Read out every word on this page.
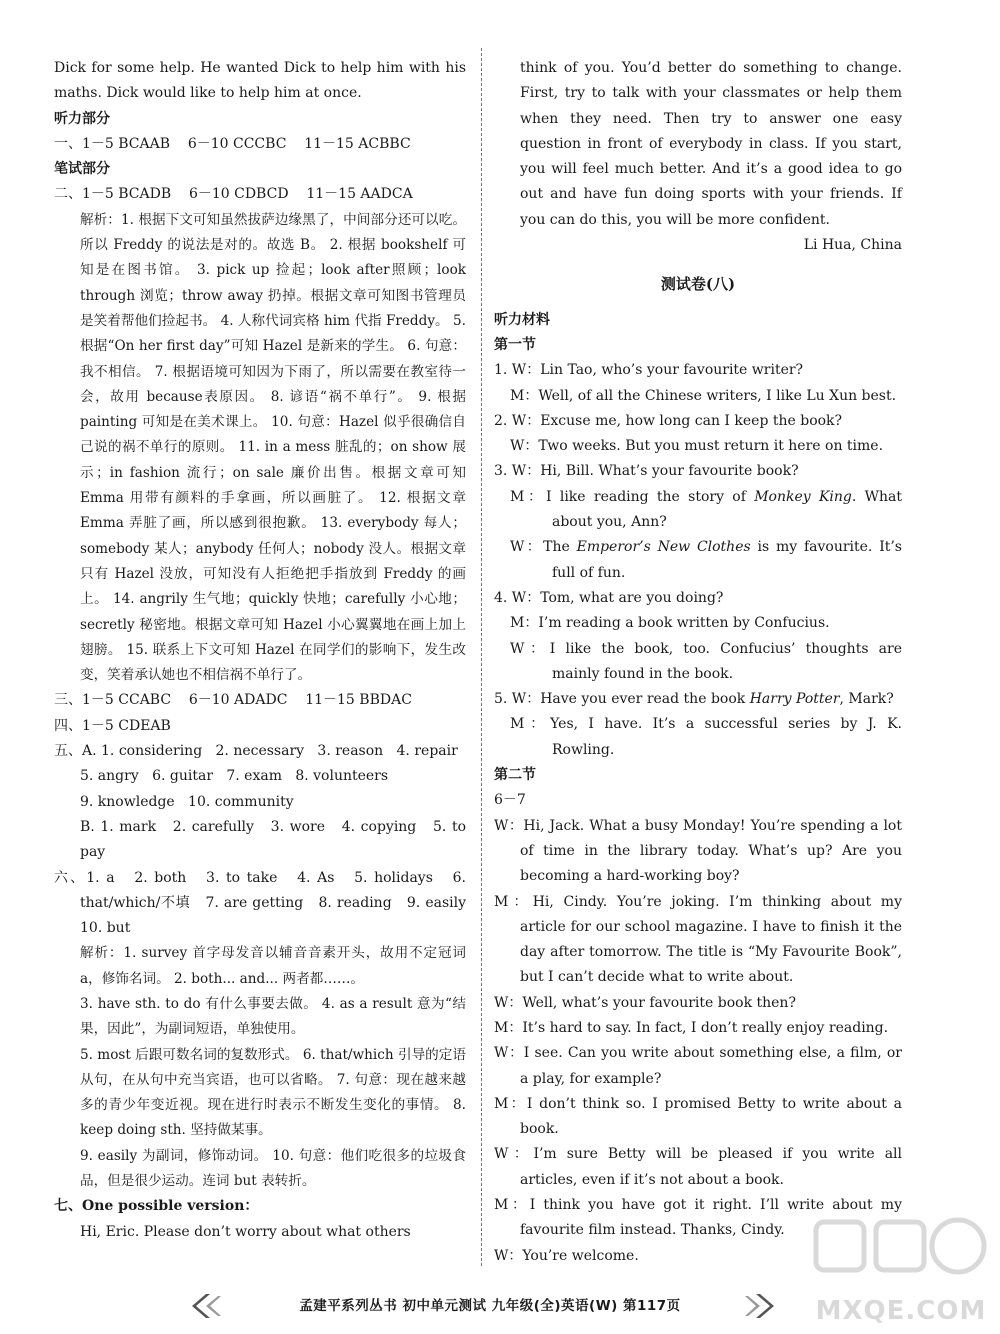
Dick for some help. He wanted Dick to help him with his maths. Dick would like to help him at once.

听力部分

一、1－5 BCAAB    6－10 CCCBC    11－15 ACBBC

笔试部分

二、1－5 BCADB    6－10 CDBCD    11－15 AADCA

解析：1. 根据下文可知虽然拔萨边缘黑了，中间部分还可以吃。所以 Freddy 的说法是对的。故选 B。 2. 根据 bookshelf 可知是在图书馆。 3. pick up 捡起；look after照顾；look through 浏览；throw away 扔掉。根据文章可知图书管理员是笑着帮他们捡起书。 4. 人称代词宾格 him 代指 Freddy。 5. 根据“On her first day”可知 Hazel 是新来的学生。 6. 句意：我不相信。 7. 根据语境可知因为下雨了，所以需要在教室待一会，故用 because表原因。 8. 谚语“祸不单行”。 9. 根据 painting 可知是在美术课上。 10. 句意：Hazel 似乎很确信自己说的祸不单行的原则。 11. in a mess 脏乱的；on show 展示；in fashion 流行；on sale 廉价出售。根据文章可知 Emma 用带有颜料的手拿画，所以画脏了。 12. 根据文章 Emma 弄脏了画，所以感到很抱歉。 13. everybody 每人；somebody 某人；anybody 任何人；nobody 没人。根据文章只有 Hazel 没放，可知没有人拒绝把手指放到 Freddy 的画上。 14. angrily 生气地；quickly 快地；carefully 小心地；secretly 秘密地。根据文章可知 Hazel 小心翼翼地在画上加上翅膀。 15. 联系上下文可知 Hazel 在同学们的影响下，发生改变，笑着承认她也不相信祸不单行了。

三、1－5 CCABC    6－10 ADADC    11－15 BBDAC

四、1－5 CDEAB

五、A. 1. considering   2. necessary   3. reason   4. repair

5. angry   6. guitar   7. exam   8. volunteers

9. knowledge   10. community

B. 1. mark   2. carefully   3. wore   4. copying   5. to pay

六、1. a   2. both   3. to take   4. As   5. holidays   6. that/which/不填   7. are getting   8. reading   9. easily   10. but

解析：1. survey 首字母发音以辅音音素开头，故用不定冠词 a，修饰名词。 2. both... and... 两者都……。

3. have sth. to do 有什么事要去做。 4. as a result 意为“结果，因此”，为副词短语，单独使用。

5. most 后跟可数名词的复数形式。 6. that/which 引导的定语从句，在从句中充当宾语，也可以省略。 7. 句意：现在越来越多的青少年变近视。现在进行时表示不断发生变化的事情。 8. keep doing sth. 坚持做某事。

9. easily 为副词，修饰动词。 10. 句意：他们吃很多的垃圾食品，但是很少运动。连词 but 表转折。

七、One possible version：

Hi, Eric. Please don’t worry about what others

think of you. You’d better do something to change. First, try to talk with your classmates or help them when they need. Then try to answer one easy question in front of everybody in class. If you start, you will feel much better. And it’s a good idea to go out and have fun doing sports with your friends. If you can do this, you will be more confident.

Li Hua, China

测试卷(八)

听力材料

第一节

1. W：Lin Tao, who’s your favourite writer?

M：Well, of all the Chinese writers, I like Lu Xun best.

2. W：Excuse me, how long can I keep the book?

W：Two weeks. But you must return it here on time.

3. W：Hi, Bill. What’s your favourite book?

M：I like reading the story of Monkey King. What about you, Ann?

W：The Emperor’s New Clothes is my favourite. It’s full of fun.

4. W：Tom, what are you doing?

M：I’m reading a book written by Confucius.

W：I like the book, too. Confucius’ thoughts are mainly found in the book.

5. W：Have you ever read the book Harry Potter, Mark?

M：Yes, I have. It’s a successful series by J. K. Rowling.

第二节

6－7

W：Hi, Jack. What a busy Monday! You’re spending a lot of time in the library today. What’s up? Are you becoming a hard-working boy?

M：Hi, Cindy. You’re joking. I’m thinking about my article for our school magazine. I have to finish it the day after tomorrow. The title is “My Favourite Book”, but I can’t decide what to write about.

W：Well, what’s your favourite book then?

M：It’s hard to say. In fact, I don’t really enjoy reading.

W：I see. Can you write about something else, a film, or a play, for example?

M：I don’t think so. I promised Betty to write about a book.

W：I’m sure Betty will be pleased if you write all articles, even if it’s not about a book.

M：I think you have got it right. I’ll write about my favourite film instead. Thanks, Cindy.

W：You’re welcome.

孟建平系列丛书 初中单元测试 九年级(全)英语(W) 第117页	MXQE.COM
